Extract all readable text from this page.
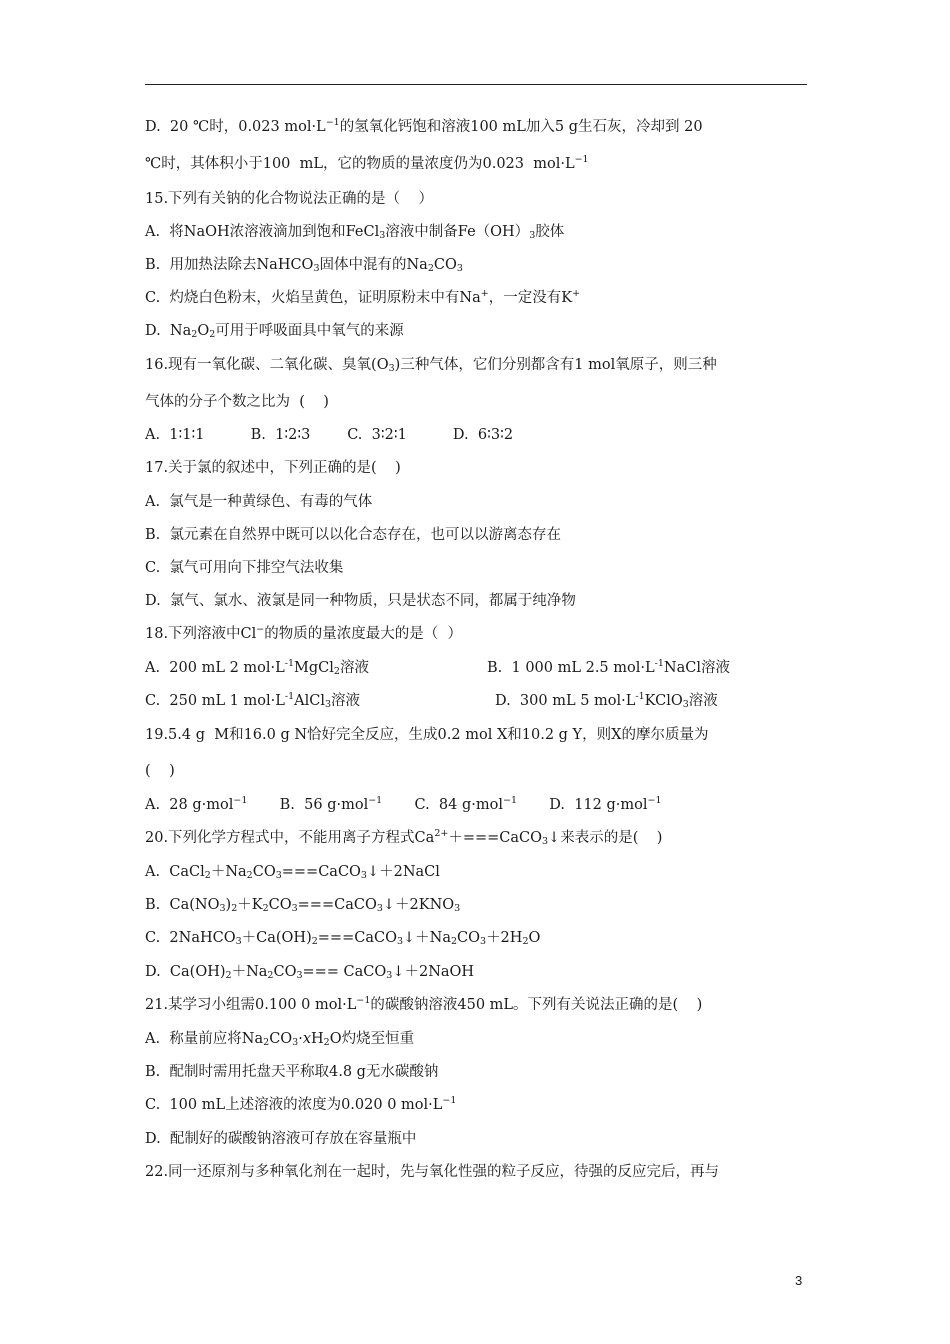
D.  20 ℃时，0.023 $mol\cdot L^{-1}$的氢氧化钙饱和溶液100 mL加入5 g生石灰，冷却到 20
℃时，其体积小于100  mL，它的物质的量浓度仍为0.023  $mol\cdot L^{-1}$
15.下列有关钠的化合物说法正确的是（    ）
A.  将NaOH浓溶液滴加到饱和FeCl$_3$溶液中制备$Fe(OH)_3$胶体
B.  用加热法除去NaHCO$_3$固体中混有的$Na_2CO_3$
C.  灼烧白色粉末，火焰呈黄色，证明原粉末中有Na+，一定没有K+
D.  $Na_2O_2$可用于呼吸面具中氧气的来源
16.现有一氧化碳、二氧化碳、臭氧$(O_3)$三种气体，它们分别都含有1 mol氧原子，则三种
气体的分子个数之比为  (    )
A.  1∶1∶1          B.  1∶2∶3        C.  3∶2∶1          D.  6∶3∶2
17.关于氯的叙述中，下列正确的是(    )
A.  氯气是一种黄绿色、有毒的气体
B.  氯元素在自然界中既可以以化合态存在，也可以以游离态存在
C.  氯气可用向下排空气法收集
D.  氯气、氯水、液氯是同一种物质，只是状态不同，都属于纯净物
18.下列溶液中Cl−的物质的量浓度最大的是（  ）
A.  200 mL 2 $mol\cdot L^{-1}MgCl_2$溶液
C.  250 mL 1 $mol\cdot L^{-1}AlCl_3$溶液
19.5.4 g  M和16.0 g N恰好完全反应，生成0.2 mol X和10.2 g Y，则X的摩尔质量为
(    )
A.  28 g·mol$^{-1}$       B.  56 g·mol$^{-1}$       C.  84 g·mol$^{-1}$       D.  112 g·mol$^{-1}$
20.下列化学方程式中，不能用离子方程式$Ca^{2+}+===CaCO_3↓$来表示的是(    )
A.  $CaCl_2+Na_2CO_3===CaCO_3↓+2NaCl$
B.  $Ca(NO_3)_2+K_2CO_3===CaCO_3↓+2KNO_3$
C.  $2NaHCO_3+Ca(OH)_2===CaCO_3↓+Na_2CO_3+2H_2O$
D.  $Ca(OH)_2+Na_2CO_3===$ CaCO$_3$↓＋2NaOH
21.某学习小组需0.100 0 $mol\cdot L^{-1}$的碳酸钠溶液450 mL。下列有关说法正确的是(    )
A.  称量前应将$Na_2CO_3\cdot xH_2O$灼烧至恒重
B.  配制时需用托盘天平称取4.8 g无水碳酸钠
C.  100 mL上述溶液的浓度为0.020 0 $mol\cdot L^{-1}$
D.  配制好的碳酸钠溶液可存放在容量瓶中
22.同一还原剂与多种氧化剂在一起时，先与氧化性强的粒子反应，待强的反应完后，再与
B.  1 000 mL 2.5 $mol\cdot L^{-1}NaCl$溶液
D.  300 mL 5 $mol\cdot L^{-1}KClO_3$溶液
3
